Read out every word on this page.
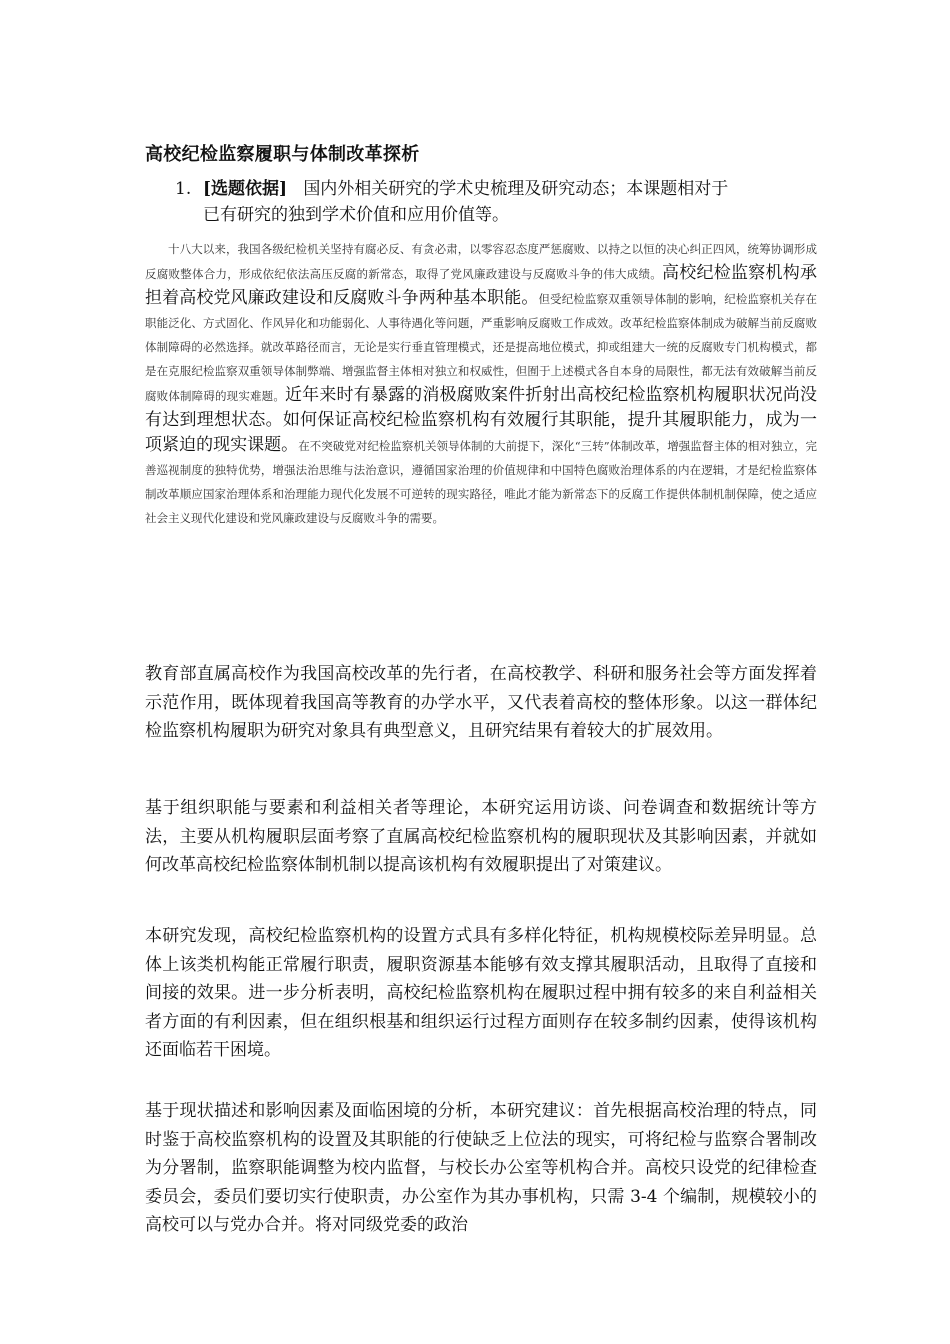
高校纪检监察履职与体制改革探析
1. [选题依据] 国内外相关研究的学术史梳理及研究动态；本课题相对于
已有研究的独到学术价值和应用价值等。
十八大以来，我国各级纪检机关坚持有腐必反、有贪必肃，以零容忍态度严惩腐败、以持之以恒的决心纠正四风，统筹协调形成反腐败整体合力，形成依纪依法高压反腐的新常态，取得了党风廉政建设与反腐败斗争的伟大成绩。高校纪检监察机构承担着高校党风廉政建设和反腐败斗争两种基本职能。但受纪检监察双重领导体制的影响，纪检监察机关存在职能泛化、方式固化、作风异化和功能弱化、人事待遇化等问题，严重影响反腐败工作成效。改革纪检监察体制成为破解当前反腐败体制障碍的必然选择。就改革路径而言，无论是实行垂直管理模式，还是提高地位模式，抑或组建大一统的反腐败专门机构模式，都是在克服纪检监察双重领导体制弊端、增强监督主体相对独立和权威性，但囿于上述模式各自本身的局限性，都无法有效破解当前反腐败体制障碍的现实难题。近年来时有暴露的消极腐败案件折射出高校纪检监察机构履职状况尚没有达到理想状态。如何保证高校纪检监察机构有效履行其职能，提升其履职能力，成为一项紧迫的现实课题。在不突破党对纪检监察机关领导体制的大前提下，深化“三转”体制改革，增强监督主体的相对独立，完善巡视制度的独特优势，增强法治思维与法治意识，遵循国家治理的价值规律和中国特色腐败治理体系的内在逻辑，才是纪检监察体制改革顺应国家治理体系和治理能力现代化发展不可逆转的现实路径，唯此才能为新常态下的反腐工作提供体制机制保障，使之适应社会主义现代化建设和党风廉政建设与反腐败斗争的需要。
教育部直属高校作为我国高校改革的先行者，在高校教学、科研和服务社会等方面发挥着示范作用，既体现着我国高等教育的办学水平，又代表着高校的整体形象。以这一群体纪检监察机构履职为研究对象具有典型意义，且研究结果有着较大的扩展效用。
基于组织职能与要素和利益相关者等理论，本研究运用访谈、问卷调查和数据统计等方法，主要从机构履职层面考察了直属高校纪检监察机构的履职现状及其影响因素，并就如何改革高校纪检监察体制机制以提高该机构有效履职提出了对策建议。
本研究发现，高校纪检监察机构的设置方式具有多样化特征，机构规模校际差异明显。总体上该类机构能正常履行职责，履职资源基本能够有效支撑其履职活动，且取得了直接和间接的效果。进一步分析表明，高校纪检监察机构在履职过程中拥有较多的来自利益相关者方面的有利因素，但在组织根基和组织运行过程方面则存在较多制约因素，使得该机构还面临若干困境。
基于现状描述和影响因素及面临困境的分析，本研究建议：首先根据高校治理的特点，同时鉴于高校监察机构的设置及其职能的行使缺乏上位法的现实，可将纪检与监察合署制改为分署制，监察职能调整为校内监督，与校长办公室等机构合并。高校只设党的纪律检查委员会，委员们要切实行使职责，办公室作为其办事机构，只需 3-4 个编制，规模较小的高校可以与党办合并。将对同级党委的政治
